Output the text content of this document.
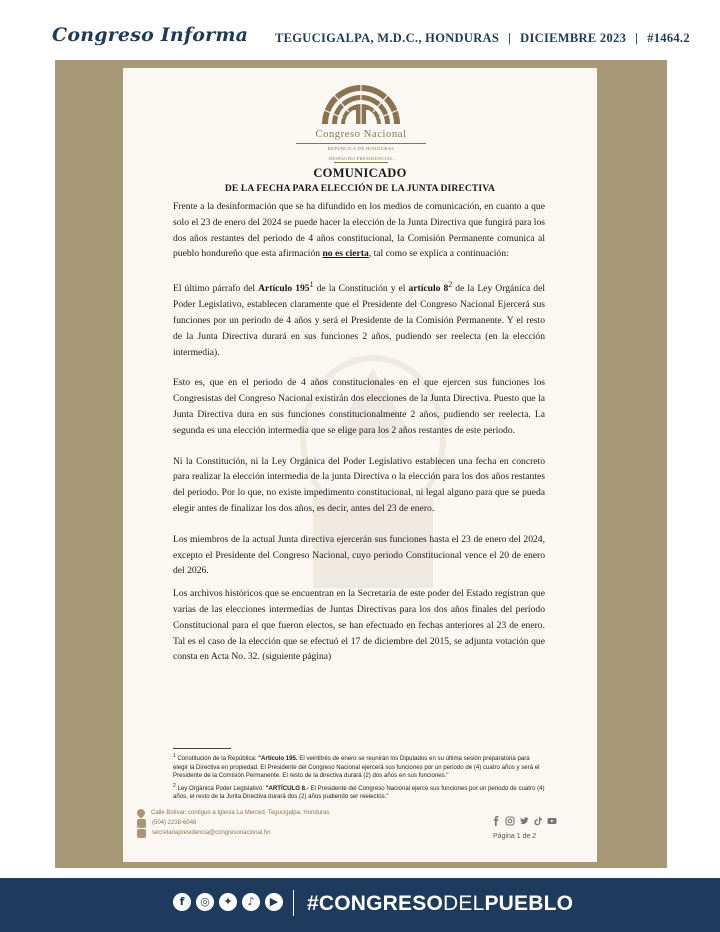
Congreso Informa TEGUCIGALPA, M.D.C., HONDURAS | DICIEMBRE 2023 | #1464.2
Congreso Nacional
REPÚBLICA DE HONDURAS
DESPACHO PRESIDENCIAL
COMUNICADO
DE LA FECHA PARA ELECCIÓN DE LA JUNTA DIRECTIVA

Frente a la desinformación que se ha difundido en los medios de comunicación, en cuanto a que solo el 23 de enero del 2024 se puede hacer la elección de la Junta Directiva que fungirá para los dos años restantes del periodo de 4 años constitucional, la Comisión Permanente comunica al pueblo hondureño que esta afirmación no es cierta, tal como se explica a continuación:

El último párrafo del Artículo $195^1$ de la Constitución y el artículo $8^2$ de la Ley Orgánica del Poder Legislativo, establecen claramente que el Presidente del Congreso Nacional Ejercerá sus funciones por un periodo de 4 años y será el Presidente de la Comisión Permanente. Y el resto de la Junta Directiva durará en sus funciones 2 años, pudiendo ser reelecta (en la elección intermedia).

Esto es, que en el periodo de 4 años constitucionales en el que ejercen sus funciones los Congresistas del Congreso Nacional existirán dos elecciones de la Junta Directiva. Puesto que la Junta Directiva dura en sus funciones constitucionalmente 2 años, pudiendo ser reelecta. La segunda es una elección intermedia que se elige para los 2 años restantes de este periodo.

Ni la Constitución, ni la Ley Orgánica del Poder Legislativo establecen una fecha en concreto para realizar la elección intermedia de la junta Directiva o la elección para los dos años restantes del periodo. Por lo que, no existe impedimento constitucional, ni legal alguno para que se pueda elegir antes de finalizar los dos años, es decir, antes del 23 de enero.

Los miembros de la actual Junta directiva ejercerán sus funciones hasta el 23 de enero del 2024, excepto el Presidente del Congreso Nacional, cuyo periodo Constitucional vence el 20 de enero del 2026.

Los archivos históricos que se encuentran en la Secretaría de este poder del Estado registran que varias de las elecciones intermedias de Juntas Directivas para los dos años finales del periodo Constitucional para el que fueron electos, se han efectuado en fechas anteriores al 23 de enero. Tal es el caso de la elección que se efectuó el 17 de diciembre del 2015, se adjunta votación que consta en Acta No. 32. (siguiente página)

$^1$ Constitución de la República: "Artículo 195. El veintitrés de enero se reunirán los Diputados en su última sesión preparatoria para elegir la Directiva en propiedad. El Presidente del Congreso Nacional ejercerá sus funciones por un periodo de (4) cuatro años y será el Presidente de la Comisión Permanente. El resto de la directiva durará (2) dos años en sus funciones."

$^2$ Ley Orgánica Poder Legislativo: "ARTÍCULO 8.- El Presidente del Congreso Nacional ejerce sus funciones por un periodo de cuatro (4) años, el resto de la Junta Directiva durará dos (2) años pudiendo ser reelectos."

Calle Bolívar, contiguo a Iglesia La Merced, Tegucigalpa, Honduras
(504) 2238-6048
secretariapresidencia@congresonacional.hn	Página 1 de 2
f	◎	✦	♪	▶ #CONGRESODELPUEBLO
